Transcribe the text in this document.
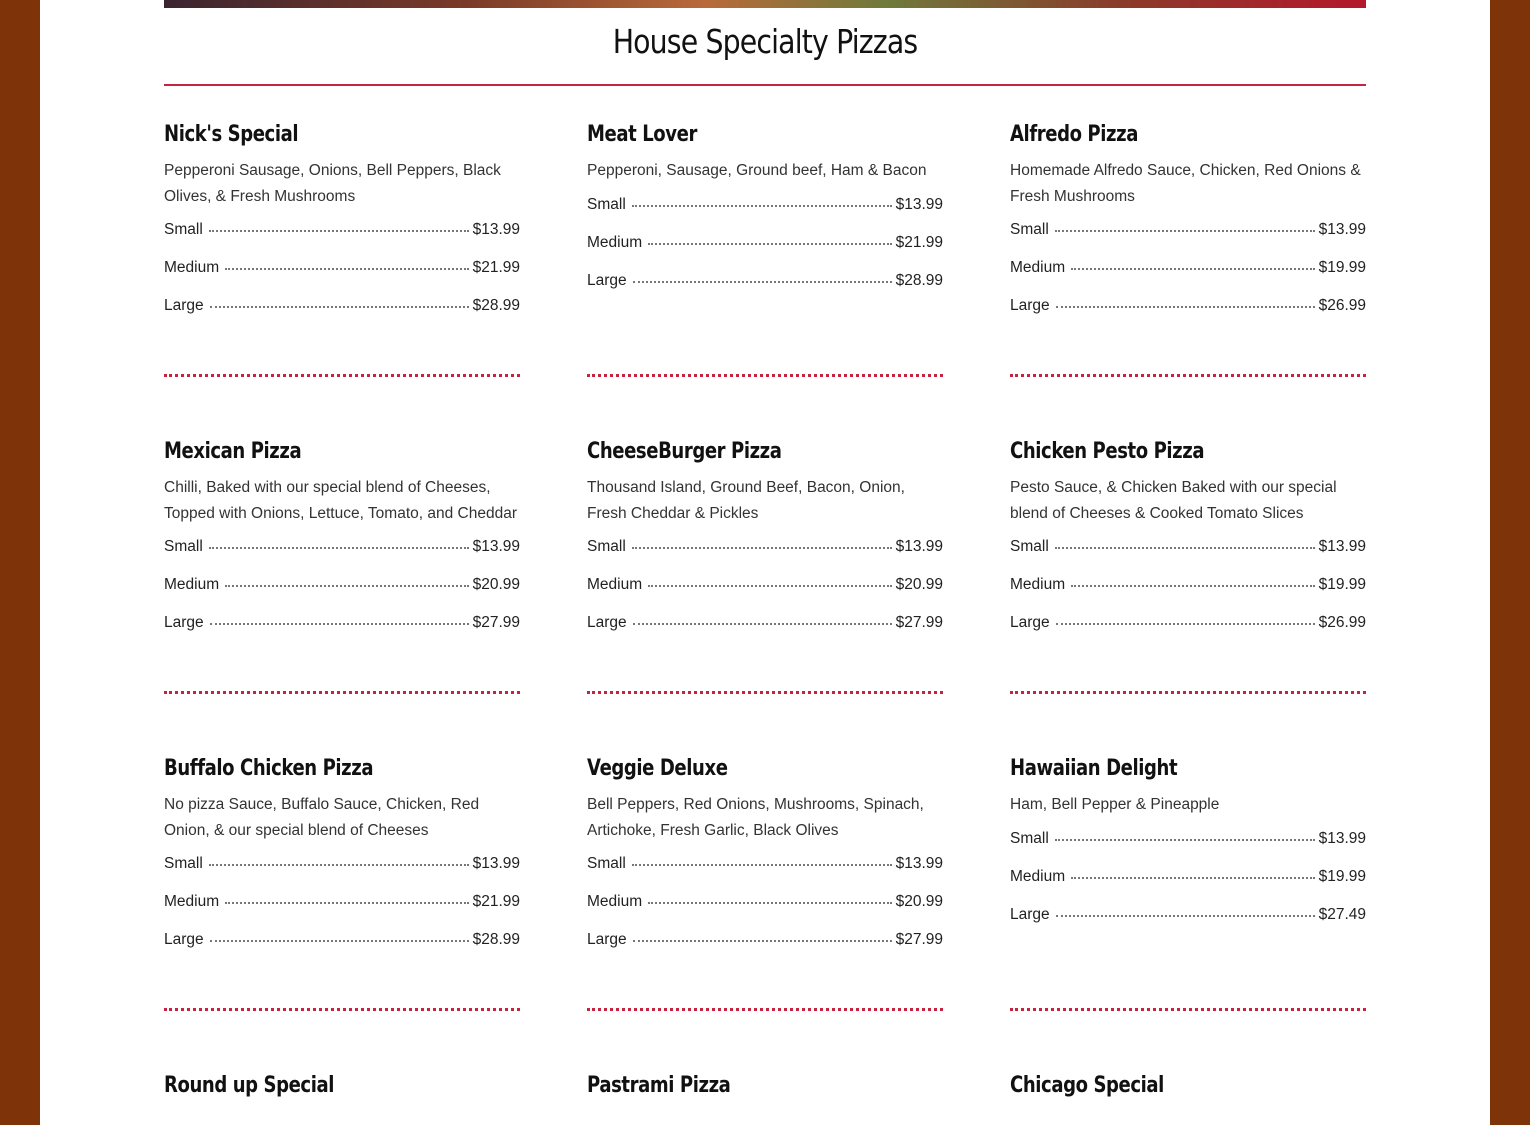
House Specialty Pizzas
Nick's Special

Pepperoni Sausage, Onions, Bell Peppers, Black Olives, & Fresh Mushrooms

Small	$13.99
Medium	$21.99
Large	$28.99
Meat Lover

Pepperoni, Sausage, Ground beef, Ham & Bacon

Small	$13.99
Medium	$21.99
Large	$28.99
Alfredo Pizza

Homemade Alfredo Sauce, Chicken, Red Onions & Fresh Mushrooms

Small	$13.99
Medium	$19.99
Large	$26.99
Mexican Pizza

Chilli, Baked with our special blend of Cheeses, Topped with Onions, Lettuce, Tomato, and Cheddar

Small	$13.99
Medium	$20.99
Large	$27.99
CheeseBurger Pizza

Thousand Island, Ground Beef, Bacon, Onion, Fresh Cheddar & Pickles

Small	$13.99
Medium	$20.99
Large	$27.99
Chicken Pesto Pizza

Pesto Sauce, & Chicken Baked with our special blend of Cheeses & Cooked Tomato Slices

Small	$13.99
Medium	$19.99
Large	$26.99
Buffalo Chicken Pizza

No pizza Sauce, Buffalo Sauce, Chicken, Red Onion, & our special blend of Cheeses

Small	$13.99
Medium	$21.99
Large	$28.99
Veggie Deluxe

Bell Peppers, Red Onions, Mushrooms, Spinach, Artichoke, Fresh Garlic, Black Olives

Small	$13.99
Medium	$20.99
Large	$27.99
Hawaiian Delight

Ham, Bell Pepper & Pineapple

Small	$13.99
Medium	$19.99
Large	$27.49
Round up Special	Pastrami Pizza	Chicago Special
